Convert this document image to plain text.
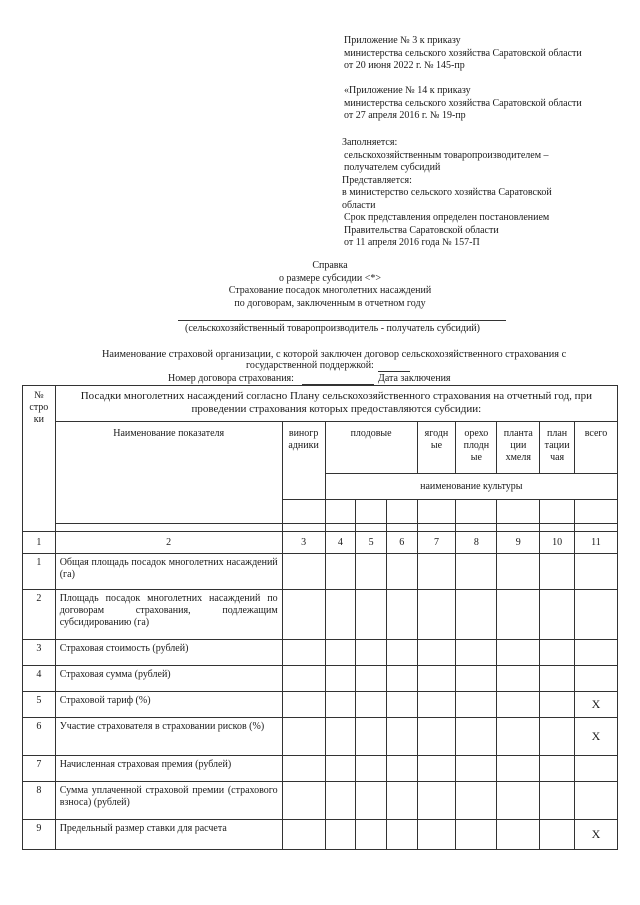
Приложение № 3 к приказу
министерства сельского хозяйства Саратовской области
от 20 июня 2022 г. № 145-пр
«Приложение № 14 к приказу
министерства сельского хозяйства Саратовской области
от 27 апреля 2016 г. № 19-пр
Заполняется:
сельскохозяйственным товаропроизводителем –
получателем субсидий
Представляется:
в министерство сельского хозяйства Саратовской
области
Срок представления определен постановлением
Правительства Саратовской области
от 11 апреля 2016 года № 157-П
Справка
о размере субсидии <*>
Страхование посадок многолетних насаждений
по договорам, заключенным в отчетном году
(сельскохозяйственный товаропроизводитель - получатель субсидий)
Наименование страховой организации, с которой заключен договор сельскохозяйственного страхования с
государственной поддержкой:
Номер договора страхования:	Дата заключения
№ стро ки	Посадки многолетних насаждений согласно Плану сельскохозяйственного страхования на отчетный год, при проведении страхования которых предоставляются субсидии:									
	Наименование показателя	виногр адники	плодовые			ягодн ые	орехо плодн ые	планта ции хмеля	план тации чая	всего
			наименование культуры							

1	2	3	4	5	6	7	8	9	10	11
1	Общая площадь посадок многолетних насаждений (га)									
2	Площадь посадок многолетних насаждений по договорам страхования, подлежащим субсидированию (га)									
3	Страховая стоимость (рублей)									
4	Страховая сумма (рублей)									
5	Страховой тариф (%)									X
6	Участие страхователя в страховании рисков (%)									X
7	Начисленная страховая премия (рублей)									
8	Сумма уплаченной страховой премии (страхового взноса) (рублей)									
9	Предельный размер ставки для расчета									X
